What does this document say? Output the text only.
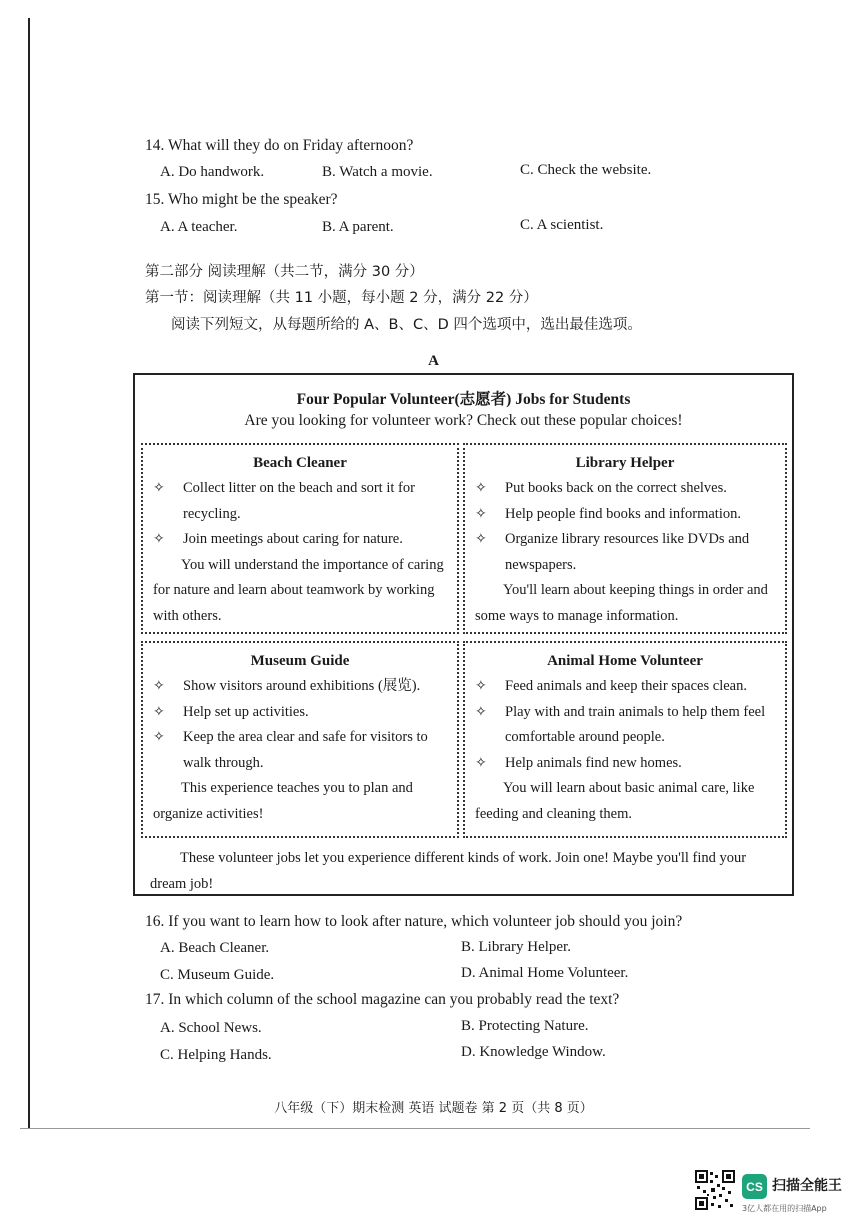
14. What will they do on Friday afternoon?
A. Do handwork.	B. Watch a movie.	C. Check the website.
15. Who might be the speaker?
A. A teacher.	B. A parent.	C. A scientist.
第二部分 阅读理解（共二节，满分 30 分）
第一节：阅读理解（共 11 小题，每小题 2 分，满分 22 分）
阅读下列短文，从每题所给的 A、B、C、D 四个选项中，选出最佳选项。
A
Four Popular Volunteer(志愿者) Jobs for Students
Are you looking for volunteer work? Check out these popular choices!
Beach Cleaner
✧ Collect litter on the beach and sort it for recycling.
✧ Join meetings about caring for nature.

You will understand the importance of caring for nature and learn about teamwork by working with others.

Library Helper
✧ Put books back on the correct shelves.
✧ Help people find books and information.
✧ Organize library resources like DVDs and newspapers.

You'll learn about keeping things in order and some ways to manage information.

Museum Guide
✧ Show visitors around exhibitions (展览).
✧ Help set up activities.
✧ Keep the area clear and safe for visitors to walk through.

This experience teaches you to plan and organize activities!

Animal Home Volunteer
✧ Feed animals and keep their spaces clean.
✧ Play with and train animals to help them feel comfortable around people.
✧ Help animals find new homes.

You will learn about basic animal care, like feeding and cleaning them.

These volunteer jobs let you experience different kinds of work. Join one! Maybe you'll find your dream job!
16. If you want to learn how to look after nature, which volunteer job should you join?
A. Beach Cleaner.	B. Library Helper.
C. Museum Guide.	D. Animal Home Volunteer.
17. In which column of the school magazine can you probably read the text?
A. School News.	B. Protecting Nature.
C. Helping Hands.	D. Knowledge Window.
八年级（下）期末检测 英语 试题卷 第 2 页（共 8 页）
CS 扫描全能王
3亿人都在用的扫描App
